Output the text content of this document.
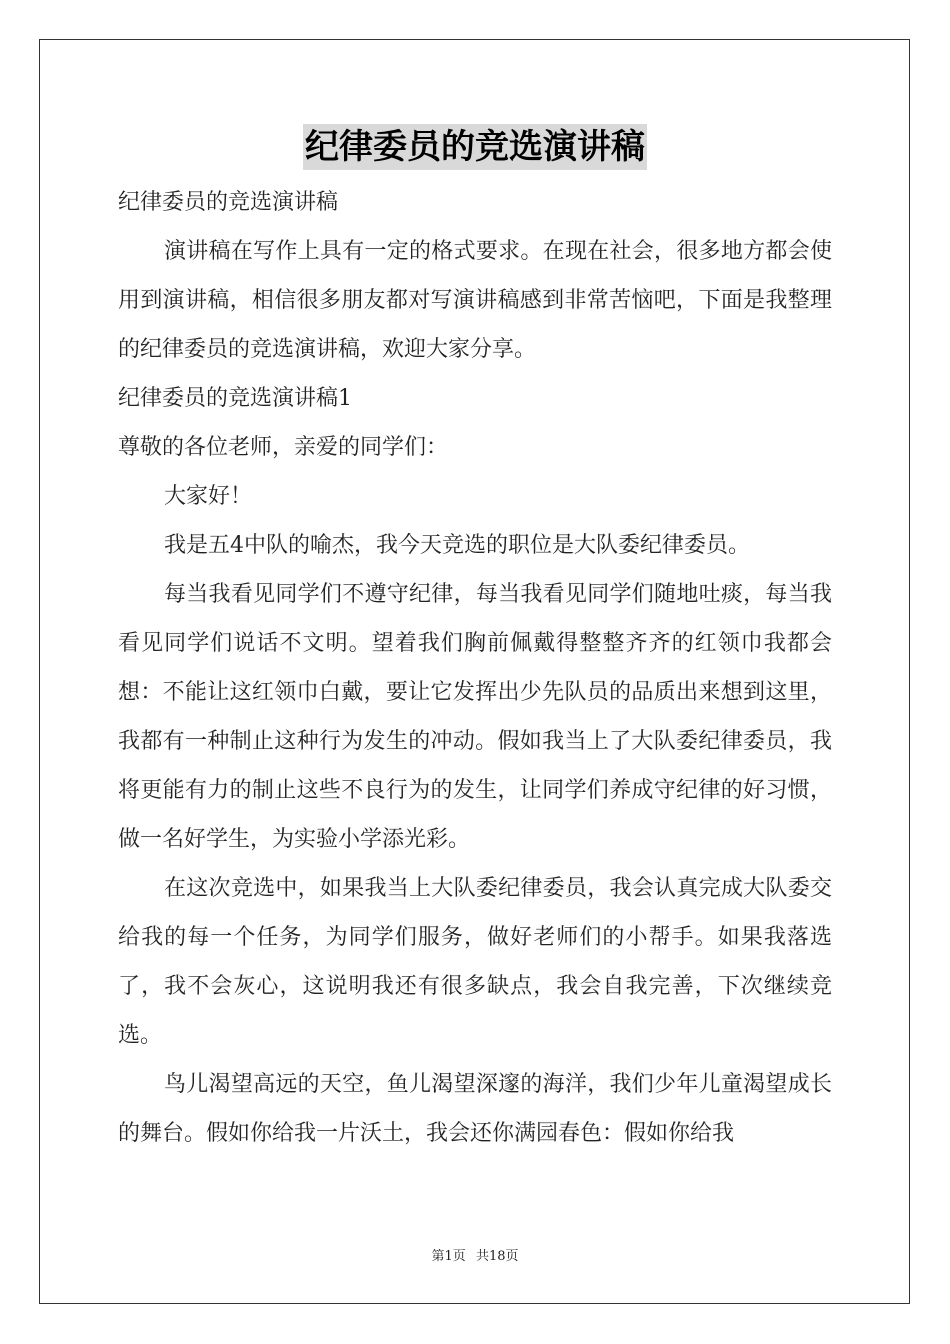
纪律委员的竞选演讲稿

纪律委员的竞选演讲稿

演讲稿在写作上具有一定的格式要求。在现在社会，很多地方都会使用到演讲稿，相信很多朋友都对写演讲稿感到非常苦恼吧，下面是我整理的纪律委员的竞选演讲稿，欢迎大家分享。

纪律委员的竞选演讲稿1

尊敬的各位老师，亲爱的同学们：

大家好！

我是五4中队的喻杰，我今天竞选的职位是大队委纪律委员。

每当我看见同学们不遵守纪律，每当我看见同学们随地吐痰，每当我看见同学们说话不文明。望着我们胸前佩戴得整整齐齐的红领巾我都会想：不能让这红领巾白戴，要让它发挥出少先队员的品质出来想到这里，我都有一种制止这种行为发生的冲动。假如我当上了大队委纪律委员，我将更能有力的制止这些不良行为的发生，让同学们养成守纪律的好习惯，做一名好学生，为实验小学添光彩。

在这次竞选中，如果我当上大队委纪律委员，我会认真完成大队委交给我的每一个任务，为同学们服务，做好老师们的小帮手。如果我落选了，我不会灰心，这说明我还有很多缺点，我会自我完善，下次继续竞选。

鸟儿渴望高远的天空，鱼儿渴望深邃的海洋，我们少年儿童渴望成长的舞台。假如你给我一片沃土，我会还你满园春色：假如你给我

第1页 共18页
